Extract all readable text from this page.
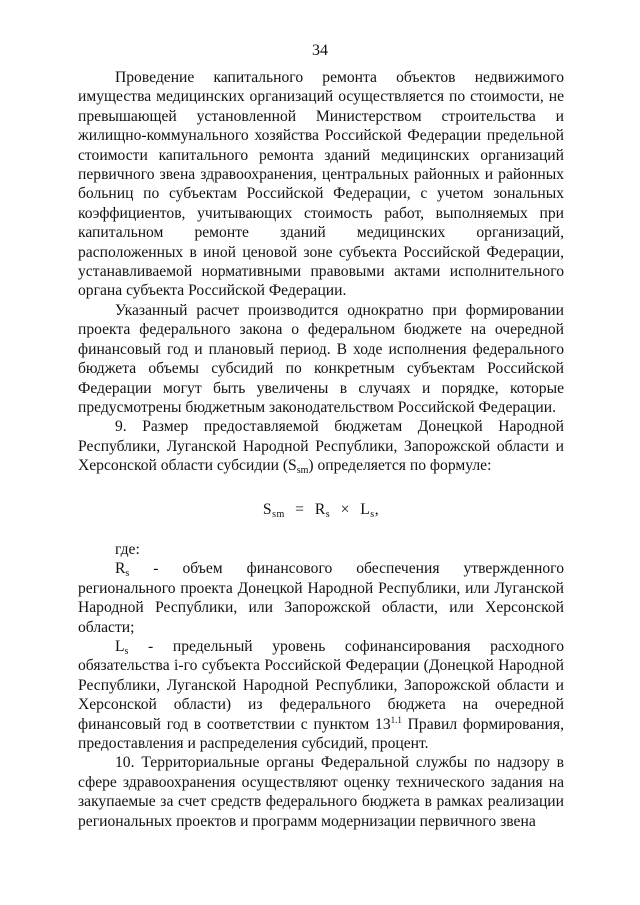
34

Проведение капитального ремонта объектов недвижимого имущества медицинских организаций осуществляется по стоимости, не превышающей установленной Министерством строительства и жилищно-коммунального хозяйства Российской Федерации предельной стоимости капитального ремонта зданий медицинских организаций первичного звена здравоохранения, центральных районных и районных больниц по субъектам Российской Федерации, с учетом зональных коэффициентов, учитывающих стоимость работ, выполняемых при капитальном ремонте зданий медицинских организаций, расположенных в иной ценовой зоне субъекта Российской Федерации, устанавливаемой нормативными правовыми актами исполнительного органа субъекта Российской Федерации.

Указанный расчет производится однократно при формировании проекта федерального закона о федеральном бюджете на очередной финансовый год и плановый период. В ходе исполнения федерального бюджета объемы субсидий по конкретным субъектам Российской Федерации могут быть увеличены в случаях и порядке, которые предусмотрены бюджетным законодательством Российской Федерации.

9. Размер предоставляемой бюджетам Донецкой Народной Республики, Луганской Народной Республики, Запорожской области и Херсонской области субсидии $(S_{sm})$ определяется по формуле:

$S_{sm} = R_s \times L_s$,

где:

$R_s$ - объем финансового обеспечения утвержденного регионального проекта Донецкой Народной Республики, или Луганской Народной Республики, или Запорожской области, или Херсонской области;

$L_s$ - предельный уровень софинансирования расходного обязательства i-го субъекта Российской Федерации (Донецкой Народной Республики, Луганской Народной Республики, Запорожской области и Херсонской области) из федерального бюджета на очередной финансовый год в соответствии с пунктом $13^{1.1}$ Правил формирования, предоставления и распределения субсидий, процент.

10. Территориальные органы Федеральной службы по надзору в сфере здравоохранения осуществляют оценку технического задания на закупаемые за счет средств федерального бюджета в рамках реализации региональных проектов и программ модернизации первичного звена
